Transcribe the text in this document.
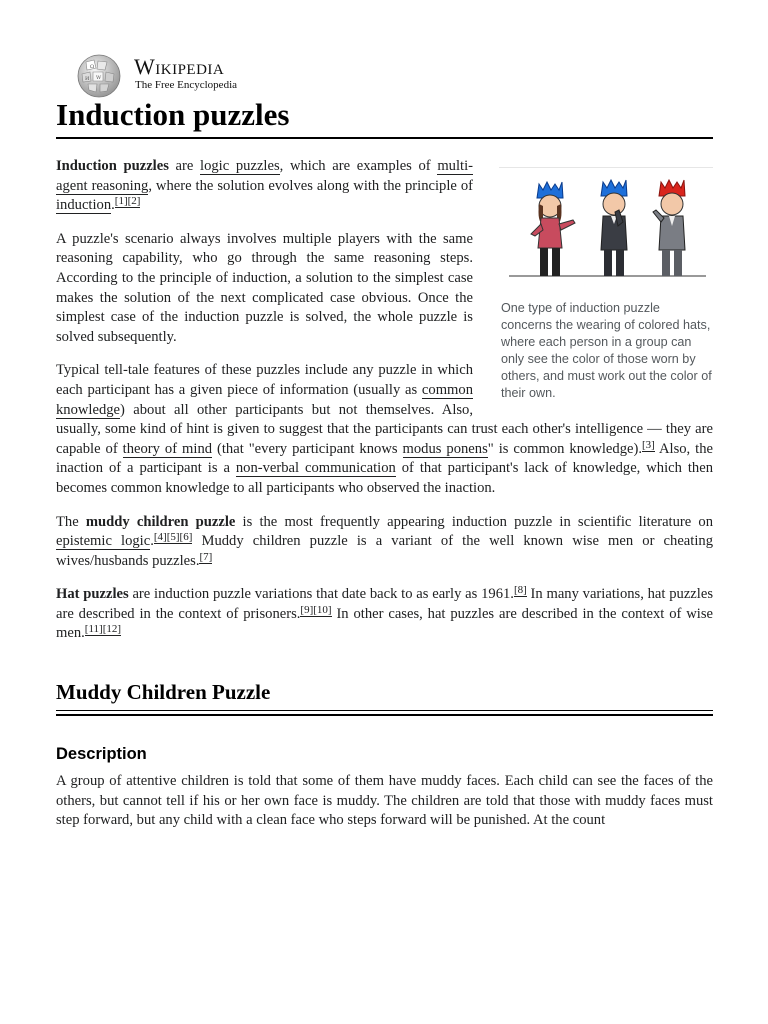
Ω
W
И Wikipedia
The Free Encyclopedia
Induction puzzles
One type of induction puzzle concerns the wearing of colored hats, where each person in a group can only see the color of those worn by others, and must work out the color of their own.

Induction puzzles are logic puzzles, which are examples of multi-agent reasoning, where the solution evolves along with the principle of induction.[1][2]

A puzzle's scenario always involves multiple players with the same reasoning capability, who go through the same reasoning steps. According to the principle of induction, a solution to the simplest case makes the solution of the next complicated case obvious. Once the simplest case of the induction puzzle is solved, the whole puzzle is solved subsequently.

Typical tell-tale features of these puzzles include any puzzle in which each participant has a given piece of information (usually as common knowledge) about all other participants but not themselves. Also, usually, some kind of hint is given to suggest that the participants can trust each other's intelligence — they are capable of theory of mind (that "every participant knows modus ponens" is common knowledge).[3] Also, the inaction of a participant is a non-verbal communication of that participant's lack of knowledge, which then becomes common knowledge to all participants who observed the inaction.

The muddy children puzzle is the most frequently appearing induction puzzle in scientific literature on epistemic logic.[4][5][6] Muddy children puzzle is a variant of the well known wise men or cheating wives/husbands puzzles.[7]

Hat puzzles are induction puzzle variations that date back to as early as 1961.[8] In many variations, hat puzzles are described in the context of prisoners.[9][10] In other cases, hat puzzles are described in the context of wise men.[11][12]

Muddy Children Puzzle
Description

A group of attentive children is told that some of them have muddy faces. Each child can see the faces of the others, but cannot tell if his or her own face is muddy. The children are told that those with muddy faces must step forward, but any child with a clean face who steps forward will be punished. At the count
